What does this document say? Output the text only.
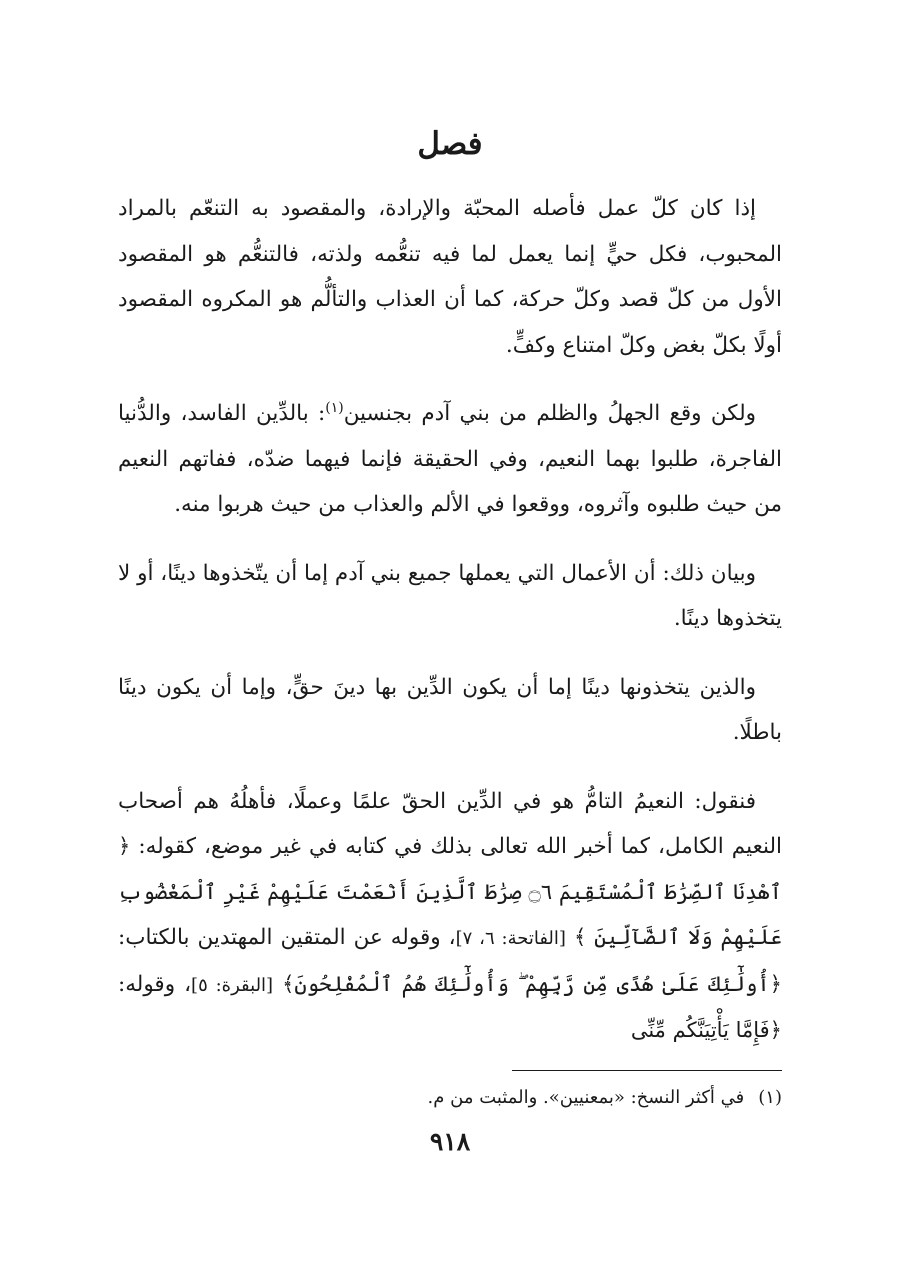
فصل

إذا كان كلّ عمل فأصله المحبّة والإرادة، والمقصود به التنعّم بالمراد المحبوب، فكل حيٍّ إنما يعمل لما فيه تنعُّمه ولذته، فالتنعُّم هو المقصود الأول من كلّ قصد وكلّ حركة، كما أن العذاب والتألُّم هو المكروه المقصود أولًا بكلّ بغض وكلّ امتناع وكفٍّ.

ولكن وقع الجهلُ والظلم من بني آدم بجنسين$^{(١)}$: بالدِّين الفاسد، والدُّنيا الفاجرة، طلبوا بهما النعيم، وفي الحقيقة فإنما فيهما ضدّه، ففاتهم النعيم من حيث طلبوه وآثروه، ووقعوا في الألم والعذاب من حيث هربوا منه.

وبيان ذلك: أن الأعمال التي يعملها جميع بني آدم إما أن يتّخذوها دينًا، أو لا يتخذوها دينًا.

والذين يتخذونها دينًا إما أن يكون الدِّين بها دينَ حقٍّ، وإما أن يكون دينًا باطلًا.

فنقول: النعيمُ التامُّ هو في الدِّين الحقّ علمًا وعملًا، فأهلُهُ هم أصحاب النعيم الكامل، كما أخبر الله تعالى بذلك في كتابه في غير موضع، كقوله: ﴿ ٱهْدِنَا ٱلصِّرَٰطَ ٱلْمُسْتَقِيمَ ۝٦ صِرَٰطَ ٱلَّذِينَ أَنْعَمْتَ عَلَيْهِمْ غَيْرِ ٱلْمَغْضُوبِ عَلَيْهِمْ وَلَا ٱلضَّآلِّينَ ﴾ [الفاتحة: ٦، ٧]، وقوله عن المتقين المهتدين بالكتاب: ﴿أُولَٰٓئِكَ عَلَىٰ هُدًى مِّن رَّبِّهِمْ ۖ وَأُولَٰٓئِكَ هُمُ ٱلْمُفْلِحُونَ﴾ [البقرة: ٥]، وقوله: ﴿فَإِمَّا يَأْتِيَنَّكُم مِّنِّى

(١)في أكثر النسخ: «بمعنيين». والمثبت من م.
٩١٨
